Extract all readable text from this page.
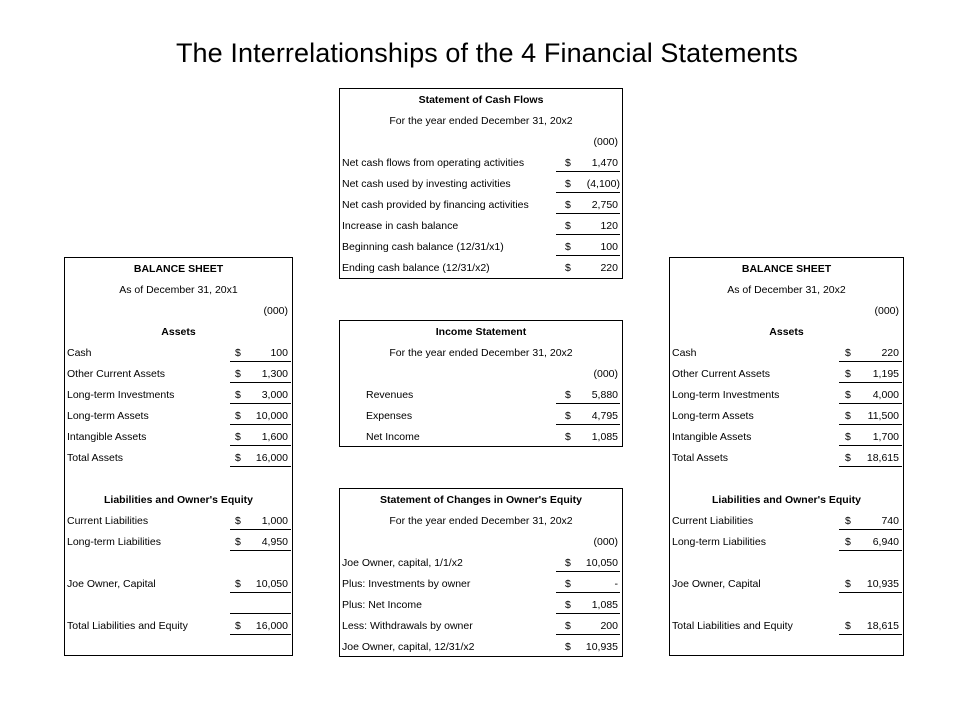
The Interrelationships of the 4 Financial Statements
Statement of Cash Flows
For the year ended December 31, 20x2
(000)
Net cash flows from operating activities	$	1,470
Net cash used by investing activities	$	(4,100)
Net cash provided by financing activities	$	2,750
Increase in cash balance	$	120
Beginning cash balance (12/31/x1)	$	100
Ending cash balance (12/31/x2)	$	220
BALANCE SHEET
As of December 31, 20x1
(000)
Assets
Cash	$	100
Other Current Assets	$	1,300
Long-term Investments	$	3,000
Long-term Assets	$	10,000
Intangible Assets	$	1,600
Total Assets	$	16,000
Liabilities and Owner's Equity
Current Liabilities	$	1,000
Long-term Liabilities	$	4,950
Joe Owner, Capital	$	10,050
Total Liabilities and Equity	$	16,000
Income Statement
For the year ended December 31, 20x2
(000)
Revenues	$	5,880
Expenses	$	4,795
Net Income	$	1,085
Statement of Changes in Owner's Equity
For the year ended December 31, 20x2
(000)
Joe Owner, capital, 1/1/x2	$	10,050
Plus: Investments by owner	$	-
Plus: Net Income	$	1,085
Less: Withdrawals by owner	$	200
Joe Owner, capital, 12/31/x2	$	10,935
BALANCE SHEET
As of December 31, 20x2
(000)
Assets
Cash	$	220
Other Current Assets	$	1,195
Long-term Investments	$	4,000
Long-term Assets	$	11,500
Intangible Assets	$	1,700
Total Assets	$	18,615
Liabilities and Owner's Equity
Current Liabilities	$	740
Long-term Liabilities	$	6,940
Joe Owner, Capital	$	10,935
Total Liabilities and Equity	$	18,615
